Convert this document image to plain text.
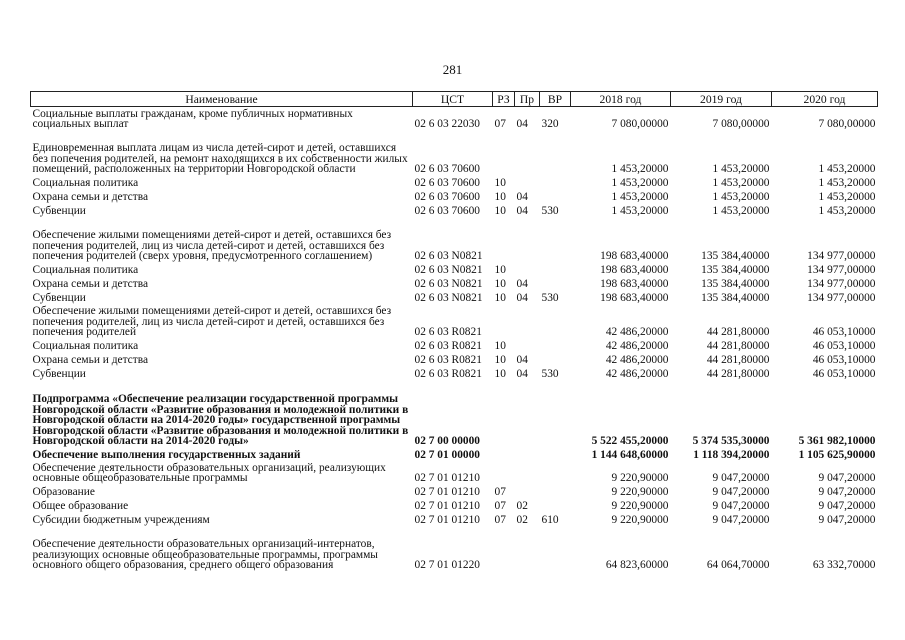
281
Наименование	ЦСТ	РЗ	Пр	ВР	2018 год	2019 год	2020 год
Социальные выплаты гражданам, кроме публичных нормативных социальных выплат	02 6 03 22030	07	04	320	7 080,00000	7 080,00000	7 080,00000
Единовременная выплата лицам из числа детей-сирот и детей, оставшихся без попечения родителей, на ремонт находящихся в их собственности жилых помещений, расположенных на территории Новгородской области	02 6 03 70600				1 453,20000	1 453,20000	1 453,20000
Социальная политика	02 6 03 70600	10			1 453,20000	1 453,20000	1 453,20000
Охрана семьи и детства	02 6 03 70600	10	04		1 453,20000	1 453,20000	1 453,20000
Субвенции	02 6 03 70600	10	04	530	1 453,20000	1 453,20000	1 453,20000
Обеспечение жилыми помещениями детей-сирот и детей, оставшихся без попечения родителей, лиц из числа детей-сирот и детей, оставшихся без попечения родителей (сверх уровня, предусмотренного соглашением)	02 6 03 N0821				198 683,40000	135 384,40000	134 977,00000
Социальная политика	02 6 03 N0821	10			198 683,40000	135 384,40000	134 977,00000
Охрана семьи и детства	02 6 03 N0821	10	04		198 683,40000	135 384,40000	134 977,00000
Субвенции	02 6 03 N0821	10	04	530	198 683,40000	135 384,40000	134 977,00000
Обеспечение жилыми помещениями детей-сирот и детей, оставшихся без попечения родителей, лиц из числа детей-сирот и детей, оставшихся без попечения родителей	02 6 03 R0821				42 486,20000	44 281,80000	46 053,10000
Социальная политика	02 6 03 R0821	10			42 486,20000	44 281,80000	46 053,10000
Охрана семьи и детства	02 6 03 R0821	10	04		42 486,20000	44 281,80000	46 053,10000
Субвенции	02 6 03 R0821	10	04	530	42 486,20000	44 281,80000	46 053,10000
Подпрограмма «Обеспечение реализации государственной программы Новгородской области «Развитие образования и молодежной политики в Новгородской области на 2014-2020 годы» государственной программы Новгородской области «Развитие образования и молодежной политики в Новгородской области на 2014-2020 годы»	02 7 00 00000				5 522 455,20000	5 374 535,30000	5 361 982,10000
Обеспечение выполнения государственных заданий	02 7 01 00000				1 144 648,60000	1 118 394,20000	1 105 625,90000
Обеспечение деятельности образовательных организаций, реализующих основные общеобразовательные программы	02 7 01 01210				9 220,90000	9 047,20000	9 047,20000
Образование	02 7 01 01210	07			9 220,90000	9 047,20000	9 047,20000
Общее образование	02 7 01 01210	07	02		9 220,90000	9 047,20000	9 047,20000
Субсидии бюджетным учреждениям	02 7 01 01210	07	02	610	9 220,90000	9 047,20000	9 047,20000
Обеспечение деятельности образовательных организаций-интернатов, реализующих основные общеобразовательные программы, программы основного общего образования, среднего общего образования	02 7 01 01220				64 823,60000	64 064,70000	63 332,70000
